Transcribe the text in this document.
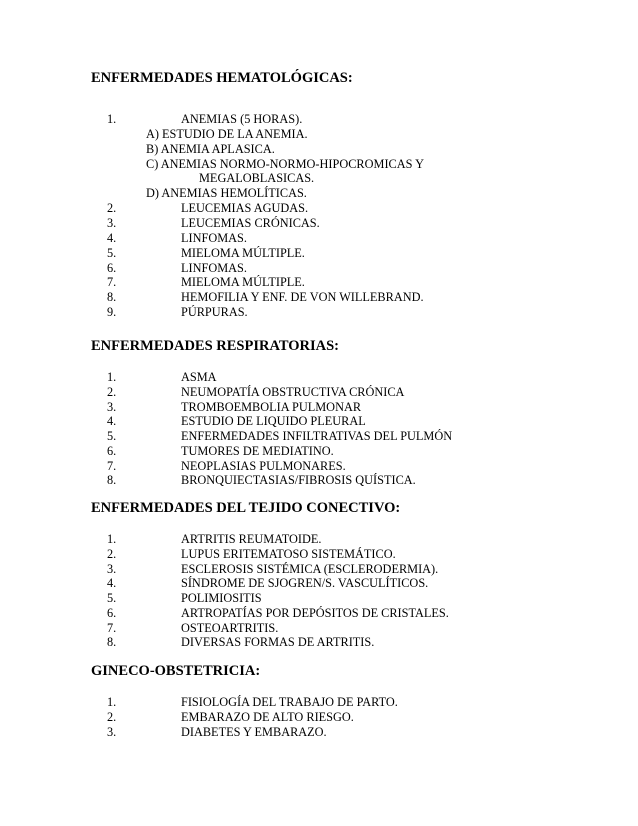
ENFERMEDADES HEMATOLÓGICAS:
1.	ANEMIAS (5 HORAS).
A) ESTUDIO DE LA ANEMIA.
B) ANEMIA APLASICA.
C) ANEMIAS NORMO-NORMO-HIPOCROMICAS Y
MEGALOBLASICAS.
D) ANEMIAS HEMOLÍTICAS.
2.	LEUCEMIAS AGUDAS.
3.	LEUCEMIAS CRÓNICAS.
4.	LINFOMAS.
5.	MIELOMA MÚLTIPLE.
6.	LINFOMAS.
7.	MIELOMA MÚLTIPLE.
8.	HEMOFILIA Y ENF. DE VON WILLEBRAND.
9.	PÚRPURAS.
ENFERMEDADES RESPIRATORIAS:
1.	ASMA
2.	NEUMOPATÍA OBSTRUCTIVA CRÓNICA
3.	TROMBOEMBOLIA PULMONAR
4.	ESTUDIO DE LIQUIDO PLEURAL
5.	ENFERMEDADES INFILTRATIVAS DEL PULMÓN
6.	TUMORES DE MEDIATINO.
7.	NEOPLASIAS PULMONARES.
8.	BRONQUIECTASIAS/FIBROSIS QUÍSTICA.
ENFERMEDADES DEL TEJIDO CONECTIVO:
1.	ARTRITIS REUMATOIDE.
2.	LUPUS ERITEMATOSO SISTEMÁTICO.
3.	ESCLEROSIS SISTÉMICA (ESCLERODERMIA).
4.	SÍNDROME DE SJOGREN/S. VASCULÍTICOS.
5.	POLIMIOSITIS
6.	ARTROPATÍAS POR DEPÓSITOS DE CRISTALES.
7.	OSTEOARTRITIS.
8.	DIVERSAS FORMAS DE ARTRITIS.
GINECO-OBSTETRICIA:
1.	FISIOLOGÍA DEL TRABAJO DE PARTO.
2.	EMBARAZO DE ALTO RIESGO.
3.	DIABETES Y EMBARAZO.
